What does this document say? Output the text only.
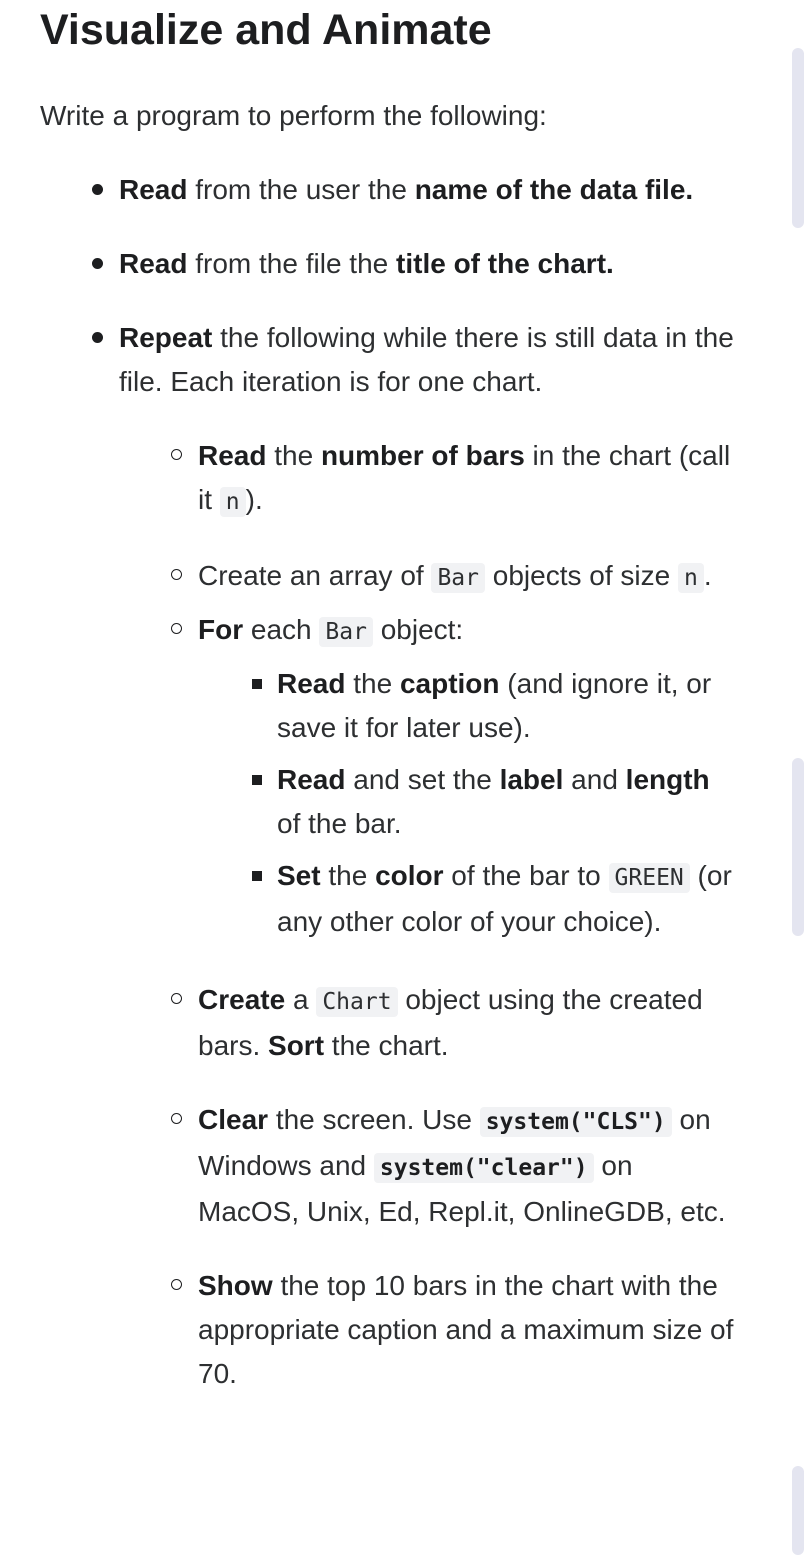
Visualize and Animate

Write a program to perform the following:

Read from the user the name of the data file.
Read from the file the title of the chart.
Repeat the following while there is still data in the file. Each iteration is for one chart.
Read the number of bars in the chart (call it n ).
Create an array of Bar objects of size n .
For each Bar object:
Read the caption (and ignore it, or save it for later use).
Read and set the label and length of the bar.
Set the color of the bar to GREEN (or any other color of your choice).
Create a Chart object using the created bars. Sort the chart.
Clear the screen. Use system("CLS") on Windows and system("clear") on MacOS, Unix, Ed, Repl.it, OnlineGDB, etc.
Show the top 10 bars in the chart with the appropriate caption and a maximum size of 70.
